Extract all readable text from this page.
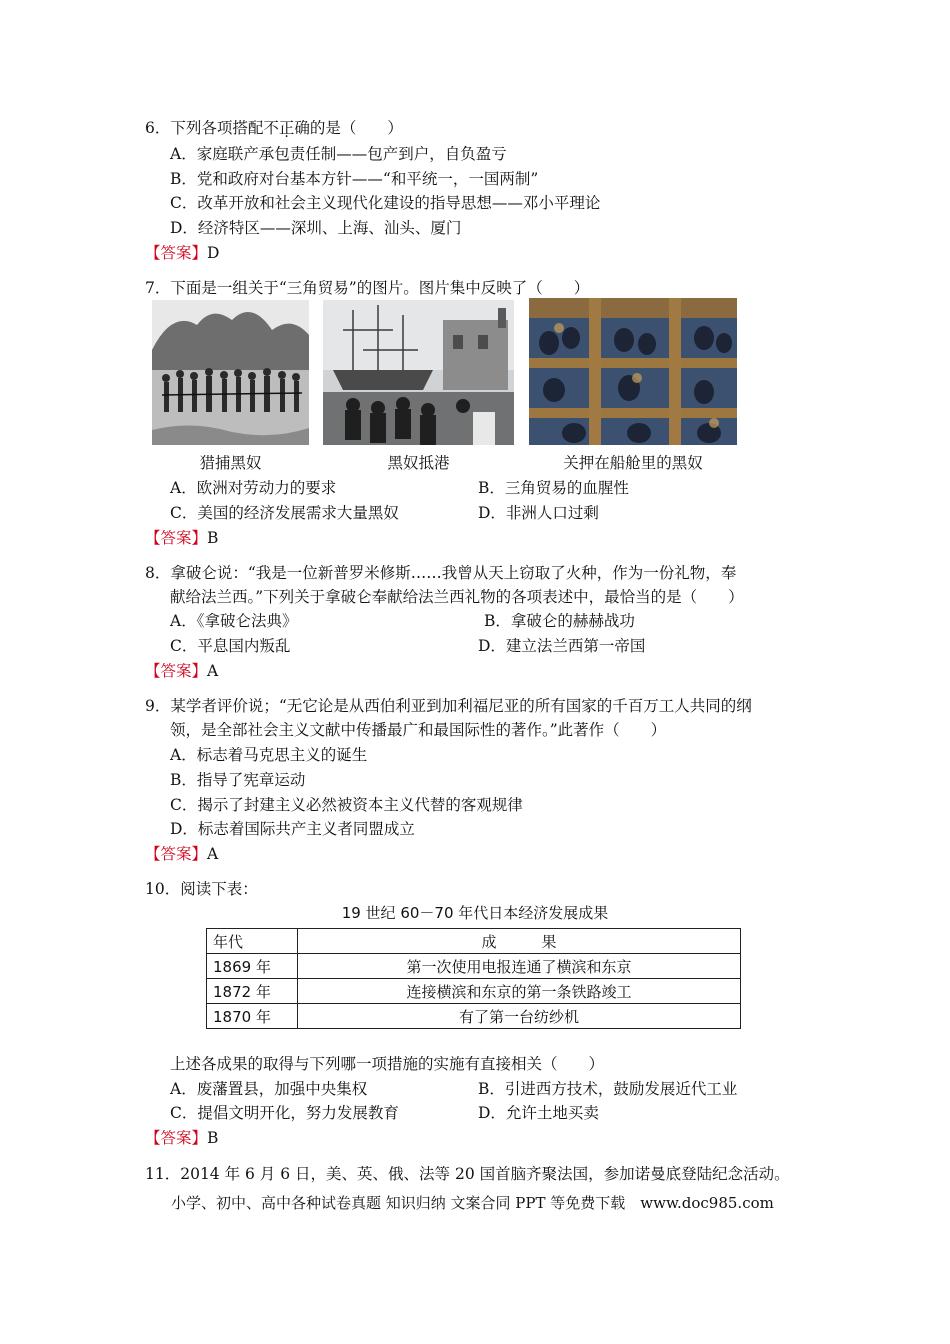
6．下列各项搭配不正确的是（　　）
A．家庭联产承包责任制——包产到户，自负盈亏
B．党和政府对台基本方针——“和平统一，一国两制”
C．改革开放和社会主义现代化建设的指导思想——邓小平理论
D．经济特区——深圳、上海、汕头、厦门
【答案】D
7．下面是一组关于“三角贸易”的图片。图片集中反映了（　　）
猎捕黑奴	黑奴抵港	关押在船舱里的黑奴
A．欧洲对劳动力的要求	B．三角贸易的血腥性
C．美国的经济发展需求大量黑奴	D．非洲人口过剩
【答案】B
8．拿破仑说：“我是一位新普罗米修斯……我曾从天上窃取了火种，作为一份礼物，奉
献给法兰西。”下列关于拿破仑奉献给法兰西礼物的各项表述中，最恰当的是（　　）
A．《拿破仑法典》	B．拿破仑的赫赫战功
C．平息国内叛乱	D．建立法兰西第一帝国
【答案】A
9．某学者评价说；“无它论是从西伯利亚到加利福尼亚的所有国家的千百万工人共同的纲
领，是全部社会主义文献中传播最广和最国际性的著作。”此著作（　　）
A．标志着马克思主义的诞生
B．指导了宪章运动
C．揭示了封建主义必然被资本主义代替的客观规律
D．标志着国际共产主义者同盟成立
【答案】A
10．阅读下表：
19 世纪 60－70 年代日本经济发展成果
年代	成　　　果
1869 年	第一次使用电报连通了横滨和东京
1872 年	连接横滨和东京的第一条铁路竣工
1870 年	有了第一台纺纱机
上述各成果的取得与下列哪一项措施的实施有直接相关（　　）
A．废藩置县，加强中央集权	B．引进西方技术，鼓励发展近代工业
C．提倡文明开化，努力发展教育	D．允许土地买卖
【答案】B
11．2014 年 6 月 6 日，美、英、俄、法等 20 国首脑齐聚法国，参加诺曼底登陆纪念活动。
小学、初中、高中各种试卷真题 知识归纳 文案合同 PPT 等免费下载　www.doc985.com
